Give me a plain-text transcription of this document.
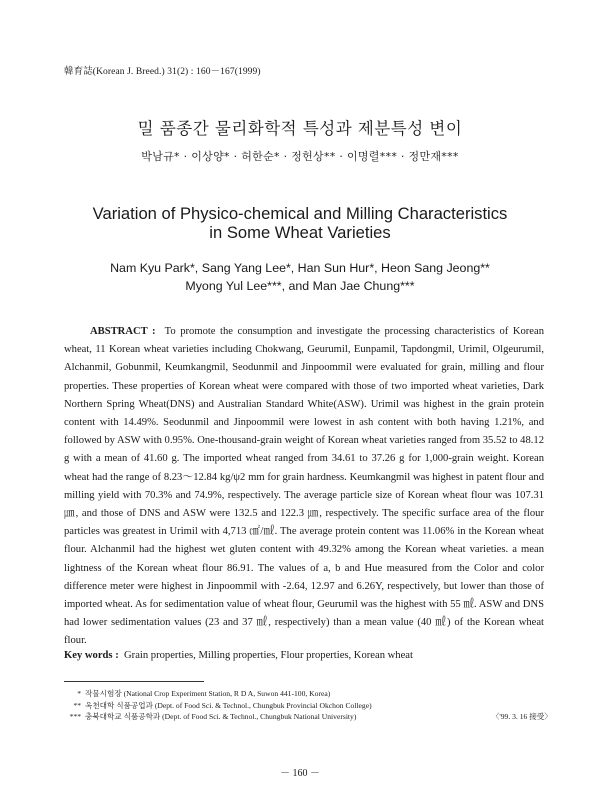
韓育誌(Korean J. Breed.) 31(2) : 160－167(1999)
밀 품종간 물리화학적 특성과 제분특성 변이
박남규* · 이상양* · 허한순* · 정헌상** · 이명렬*** · 정만재***
Variation of Physico-chemical and Milling Characteristics
in Some Wheat Varieties
Nam Kyu Park*, Sang Yang Lee*, Han Sun Hur*, Heon Sang Jeong**
Myong Yul Lee***, and Man Jae Chung***

ABSTRACT : To promote the consumption and investigate the processing characteristics of Korean wheat, 11 Korean wheat varieties including Chokwang, Geurumil, Eunpamil, Tapdongmil, Urimil, Olgeurumil, Alchanmil, Gobunmil, Keumkangmil, Seodunmil and Jinpoommil were evaluated for grain, milling and flour properties. These properties of Korean wheat were compared with those of two imported wheat varieties, Dark Northern Spring Wheat(DNS) and Australian Standard White(ASW). Urimil was highest in the grain protein content with 14.49%. Seodunmil and Jinpoommil were lowest in ash content with both having 1.21%, and followed by ASW with 0.95%. One-thousand-grain weight of Korean wheat varieties ranged from 35.52 to 48.12 g with a mean of 41.60 g. The imported wheat ranged from 34.61 to 37.26 g for 1,000-grain weight. Korean wheat had the range of 8.23～12.84 kg/ψ2 mm for grain hardness. Keumkangmil was highest in patent flour and milling yield with 70.3% and 74.9%, respectively. The average particle size of Korean wheat flour was 107.31 ㎛, and those of DNS and ASW were 132.5 and 122.3 ㎛, respectively. The specific surface area of the flour particles was greatest in Urimil with 4,713 ㎠/㎖. The average protein content was 11.06% in the Korean wheat flour. Alchanmil had the highest wet gluten content with 49.32% among the Korean wheat varieties. a mean lightness of the Korean wheat flour 86.91. The values of a, b and Hue measured from the Color and color difference meter were highest in Jinpoommil with -2.64, 12.97 and 6.26Y, respectively, but lower than those of imported wheat. As for sedimentation value of wheat flour, Geurumil was the highest with 55 ㎖. ASW and DNS had lower sedimentation values (23 and 37 ㎖, respectively) than a mean value (40 ㎖) of the Korean wheat flour.

Key words : Grain properties, Milling properties, Flour properties, Korean wheat
* 작물시험장 (National Crop Experiment Station, R D A, Suwon 441-100, Korea)
** 옥천대학 식품공업과 (Dept. of Food Sci. & Technol., Chungbuk Provincial Okchon College)
*** 충북대학교 식품공학과 (Dept. of Food Sci. & Technol., Chungbuk National University)	〈'99. 3. 16 接受〉
－ 160 －
